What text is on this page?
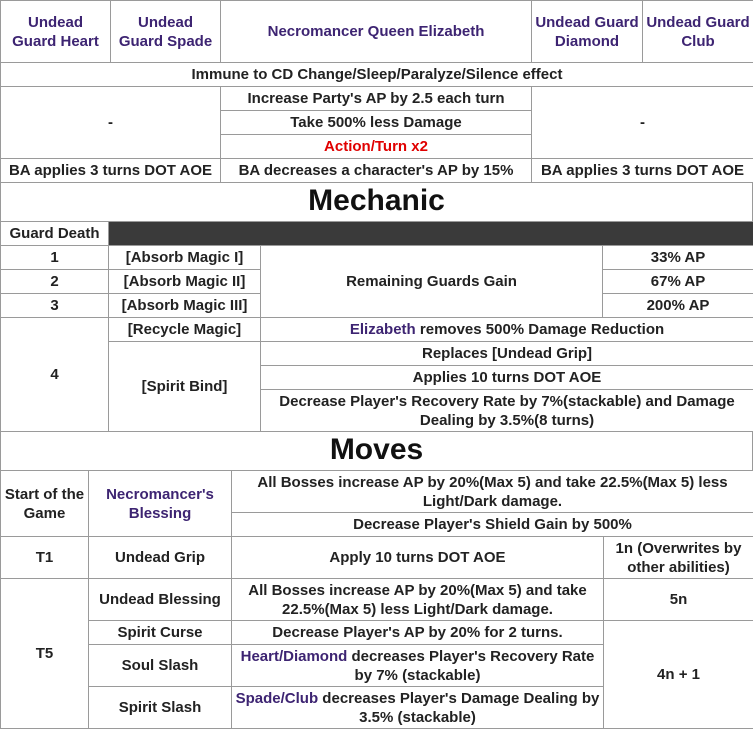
Undead Guard Heart	Undead Guard Spade	Necromancer Queen Elizabeth	Undead Guard Diamond	Undead Guard Club
Immune to CD Change/Sleep/Paralyze/Silence effect				
-		Increase Party's AP by 2.5 each turn	-	
		Take 500% less Damage		
		Action/Turn x2		
BA applies 3 turns DOT AOE		BA decreases a character's AP by 15%	BA applies 3 turns DOT AOE	
Mechanic
Guard Death			
1	[Absorb Magic I]	Remaining Guards Gain	33% AP
2	[Absorb Magic II]		67% AP
3	[Absorb Magic III]		200% AP
4	[Recycle Magic]	Elizabeth removes 500% Damage Reduction	
	[Spirit Bind]	Replaces [Undead Grip]	
		Applies 10 turns DOT AOE	
		Decrease Player's Recovery Rate by 7%(stackable) and Damage Dealing by 3.5%(8 turns)	
Moves
Start of the Game	Necromancer's Blessing	All Bosses increase AP by 20%(Max 5) and take 22.5%(Max 5) less Light/Dark damage.	
		Decrease Player's Shield Gain by 500%	
T1	Undead Grip	Apply 10 turns DOT AOE	1n (Overwrites by other abilities)
T5	Undead Blessing	All Bosses increase AP by 20%(Max 5) and take 22.5%(Max 5) less Light/Dark damage.	5n
	Spirit Curse	Decrease Player's AP by 20% for 2 turns.	4n + 1
	Soul Slash	Heart/Diamond decreases Player's Recovery Rate by 7% (stackable)	
	Spirit Slash	Spade/Club decreases Player's Damage Dealing by 3.5% (stackable)	
